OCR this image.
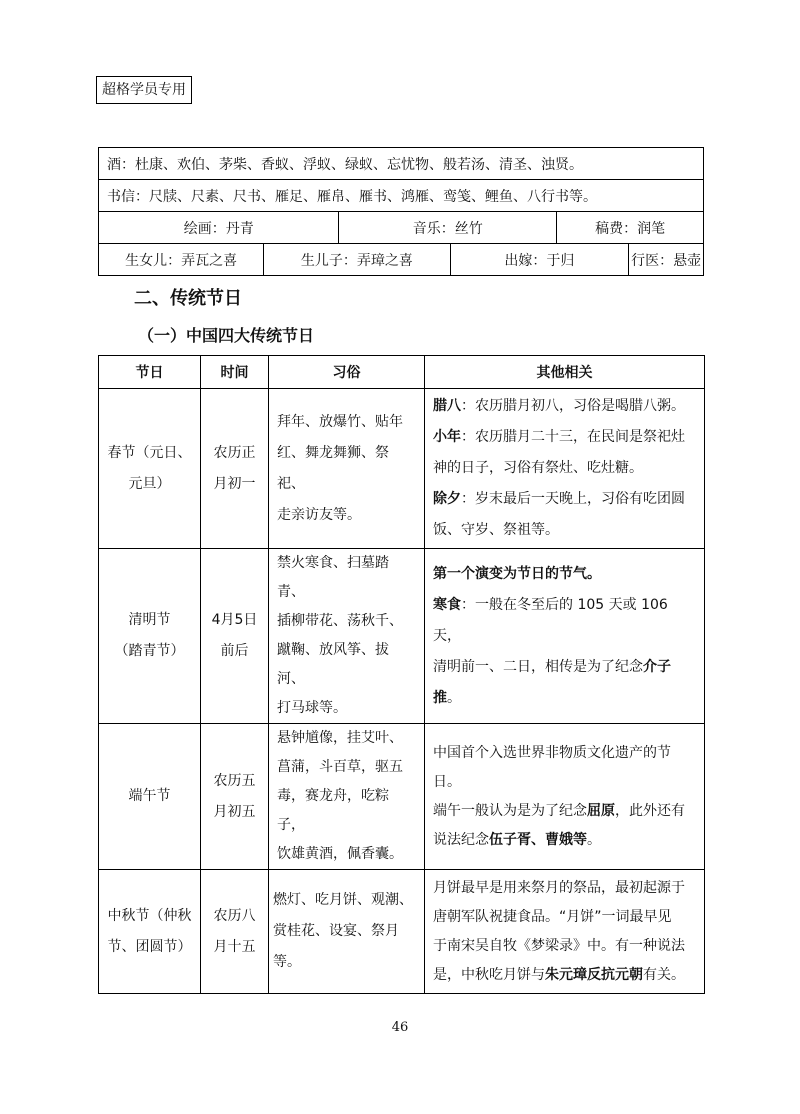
超格学员专用
酒：杜康、欢伯、茅柴、香蚁、浮蚁、绿蚁、忘忧物、般若汤、清圣、浊贤。					
书信：尺牍、尺素、尺书、雁足、雁帛、雁书、鸿雁、鸾笺、鲤鱼、八行书等。					
绘画：丹青		音乐：丝竹		稿费：润笔	
生女儿：弄瓦之喜	生儿子：弄璋之喜		出嫁：于归		行医：悬壶
二、传统节日
（一）中国四大传统节日
节日	时间	习俗	其他相关

春节（元日、
元旦）	农历正
月初一	拜年、放爆竹、贴年
红、舞龙舞狮、祭祀、
走亲访友等。	腊八：农历腊月初八，习俗是喝腊八粥。
小年：农历腊月二十三，在民间是祭祀灶
神的日子，习俗有祭灶、吃灶糖。
除夕：岁末最后一天晚上，习俗有吃团圆
饭、守岁、祭祖等。

清明节
（踏青节）	4月5日
前后	禁火寒食、扫墓踏青、
插柳带花、荡秋千、
蹴鞠、放风筝、拔河、
打马球等。	第一个演变为节日的节气。
寒食：一般在冬至后的 105 天或 106 天，
清明前一、二日，相传是为了纪念介子推。

端午节	农历五
月初五	悬钟馗像，挂艾叶、
菖蒲，斗百草，驱五
毒，赛龙舟，吃粽子，
饮雄黄酒，佩香囊。	中国首个入选世界非物质文化遗产的节
日。
端午一般认为是为了纪念屈原，此外还有
说法纪念伍子胥、曹娥等。

中秋节（仲秋
节、团圆节）	农历八
月十五	燃灯、吃月饼、观潮、
赏桂花、设宴、祭月等。	月饼最早是用来祭月的祭品，最初起源于
唐朝军队祝捷食品。“月饼”一词最早见
于南宋吴自牧《梦梁录》中。有一种说法
是，中秋吃月饼与朱元璋反抗元朝有关。
46
